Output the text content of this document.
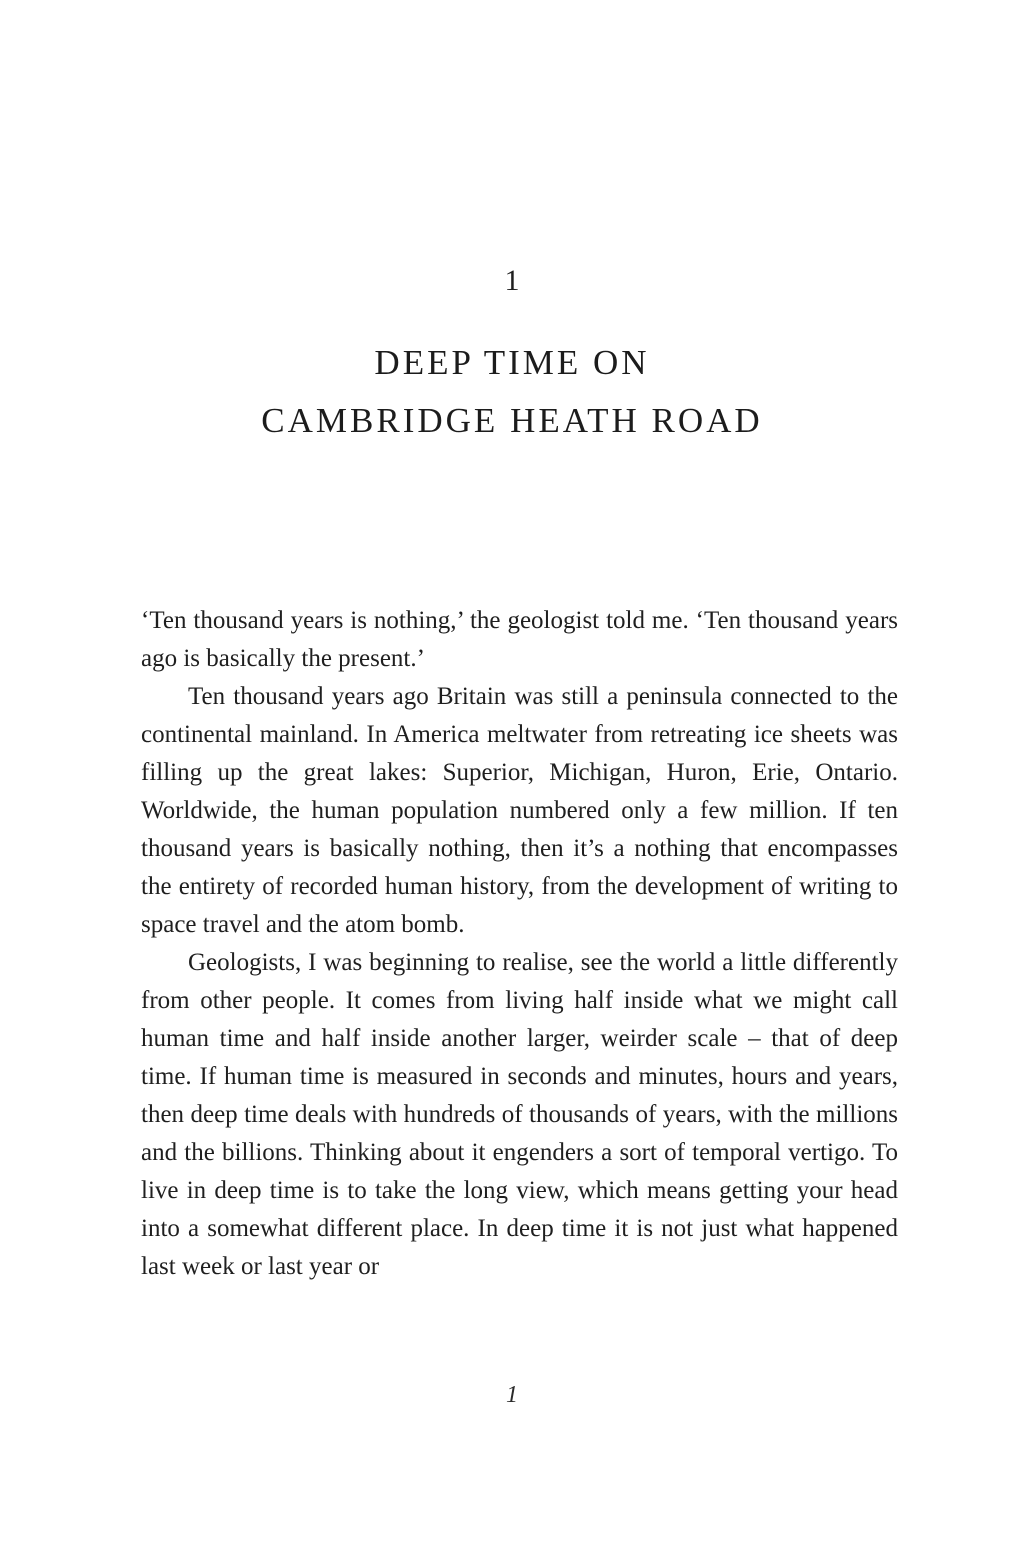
1
DEEP TIME ON
CAMBRIDGE HEATH ROAD

‘Ten thousand years is nothing,’ the geologist told me. ‘Ten thousand years ago is basically the present.’

Ten thousand years ago Britain was still a peninsula connected to the continental mainland. In America meltwater from retreating ice sheets was filling up the great lakes: Superior, Michigan, Huron, Erie, Ontario. Worldwide, the human population numbered only a few million. If ten thousand years is basically nothing, then it’s a nothing that encompasses the entirety of recorded human history, from the development of writing to space travel and the atom bomb.

Geologists, I was beginning to realise, see the world a little differently from other people. It comes from living half inside what we might call human time and half inside another larger, weirder scale – that of deep time. If human time is measured in seconds and minutes, hours and years, then deep time deals with hundreds of thousands of years, with the millions and the billions. Thinking about it engenders a sort of temporal vertigo. To live in deep time is to take the long view, which means getting your head into a somewhat different place. In deep time it is not just what happened last week or last year or

1
